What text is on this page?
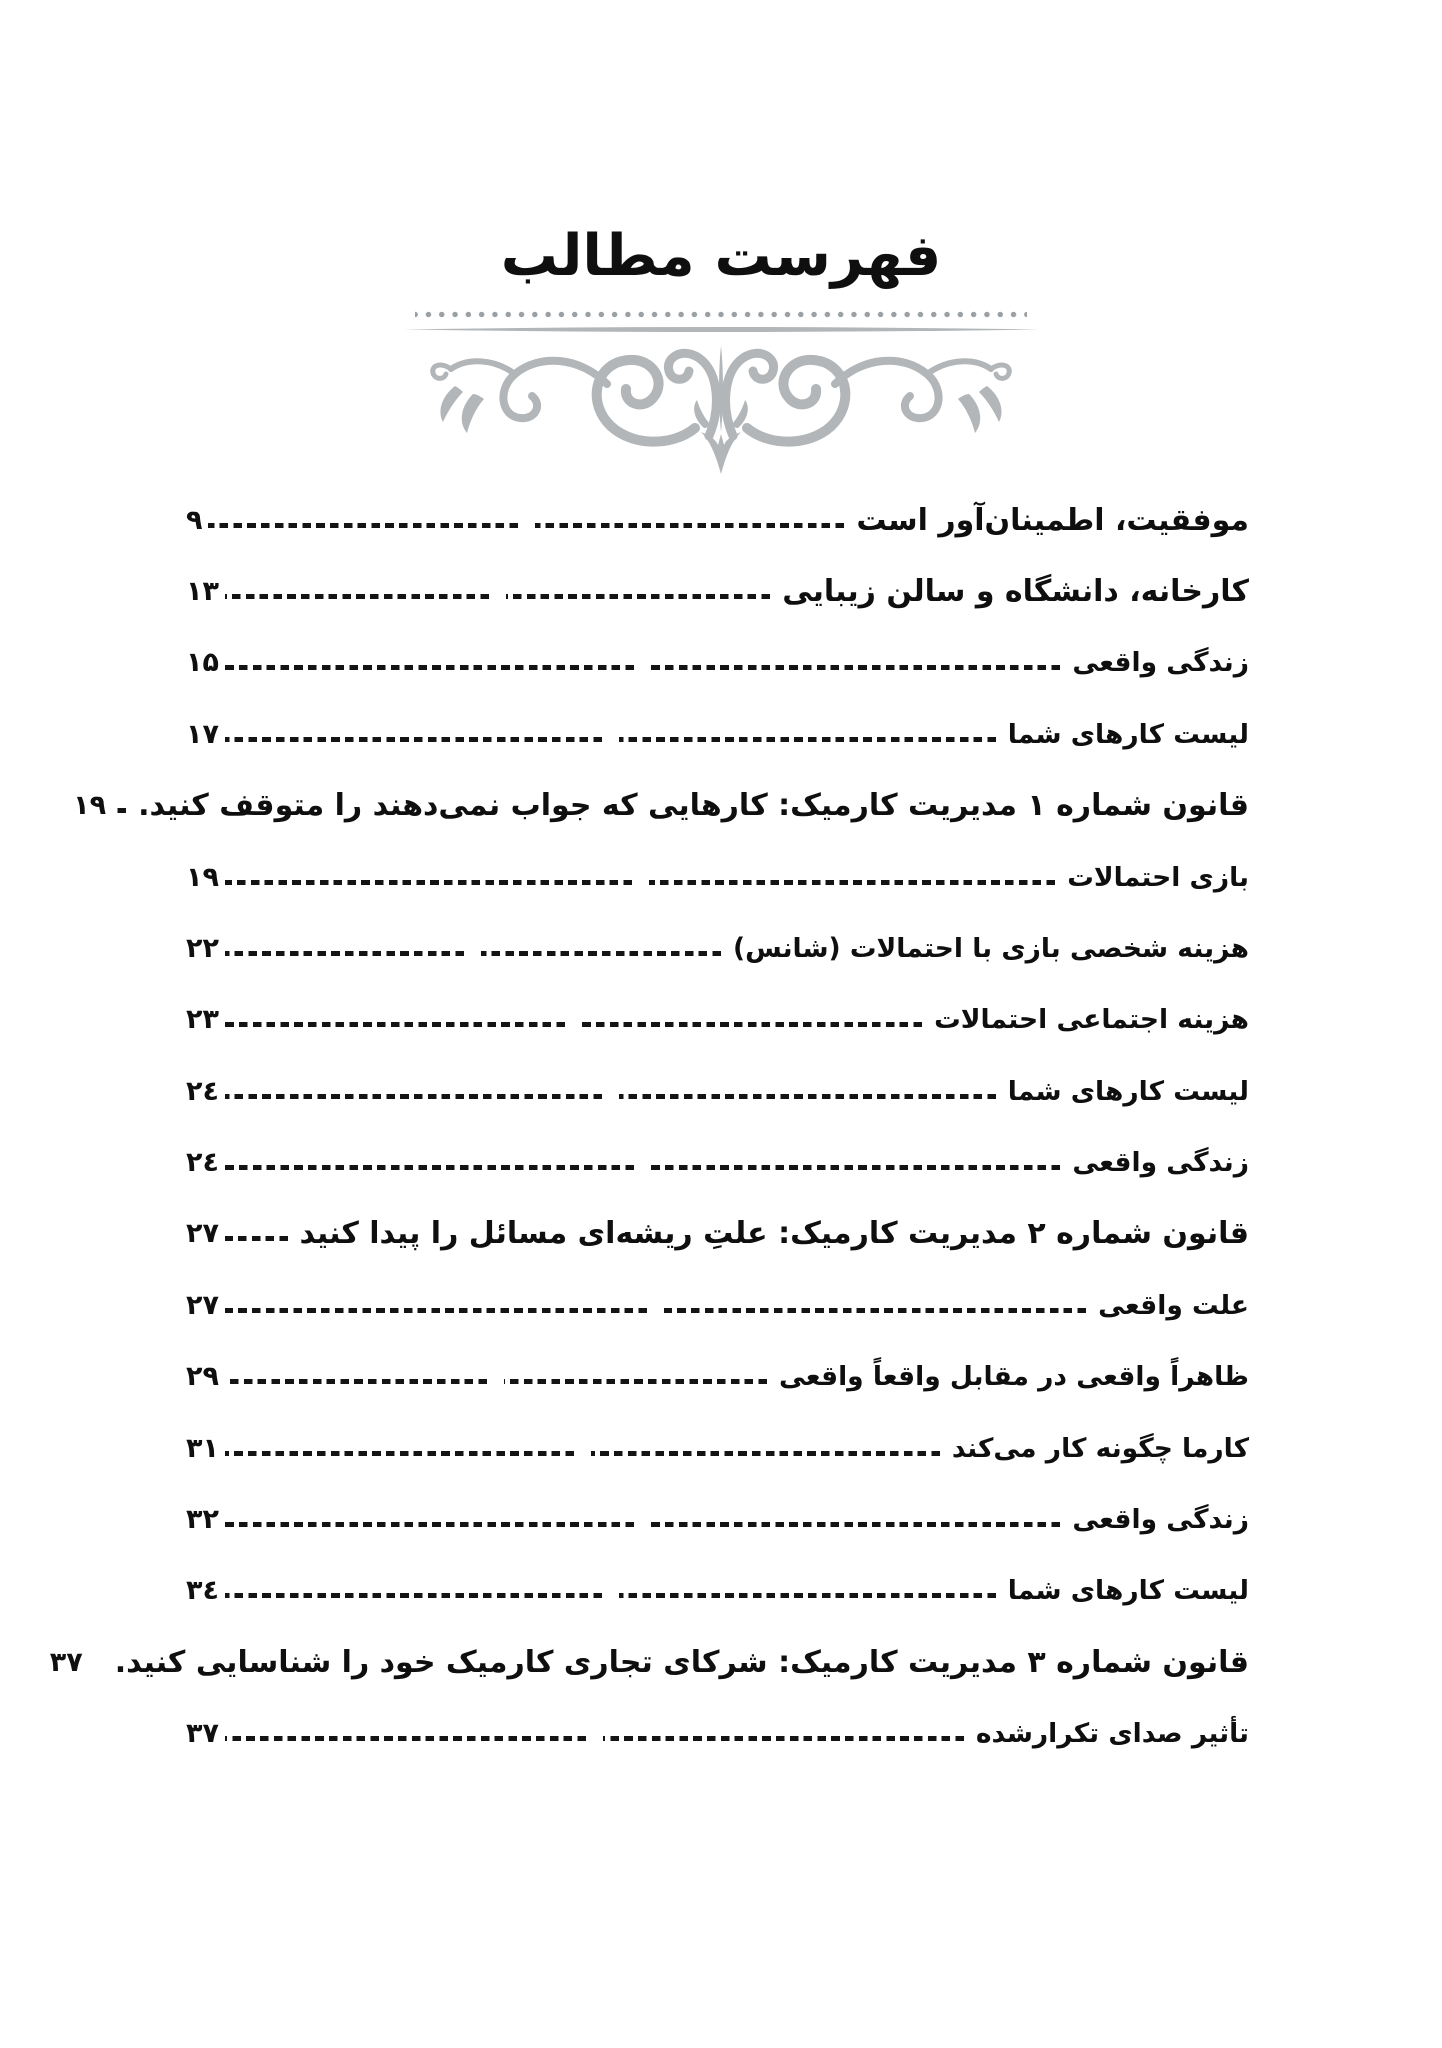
فهرست مطالب
موفقیت، اطمینان‌آور است
۹
کارخانه، دانشگاه و سالن زیبایی
۱۳
زندگی واقعی
۱۵
لیست کارهای شما
۱۷
قانون شماره ۱ مدیریت کارمیک: کارهایی که جواب نمی‌دهند را متوقف کنید.
۱۹
بازی احتمالات
۱۹
هزینه شخصی بازی با احتمالات (شانس)
۲۲
هزینه اجتماعی احتمالات
۲۳
لیست کارهای شما
۲٤
زندگی واقعی
۲٤
قانون شماره ۲ مدیریت کارمیک: علتِ ریشه‌ای مسائل را پیدا کنید
۲۷
علت واقعی
۲۷
ظاهراً واقعی در مقابل واقعاً واقعی
۲۹
کارما چگونه کار می‌کند
۳۱
زندگی واقعی
۳۲
لیست کارهای شما
۳٤
قانون شماره ۳ مدیریت کارمیک: شرکای تجاری کارمیک خود را شناسایی کنید.
۳۷
تأثیر صدای تکرارشده
۳۷
